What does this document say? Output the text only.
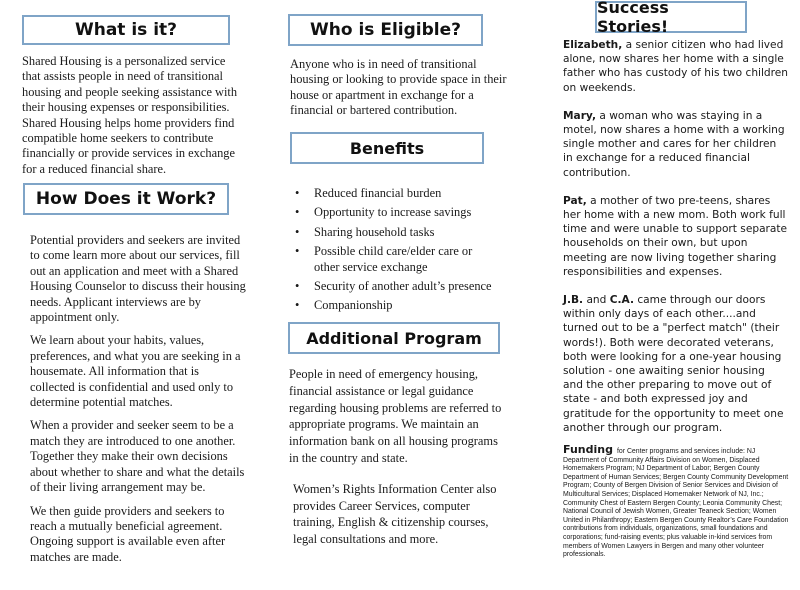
What is it?

Shared Housing is a personalized service that assists people in need of transitional housing and people seeking assistance with their housing expenses or responsibilities. Shared Housing helps home providers find compatible home seekers to contribute financially or provide services in exchange for a reduced financial share.

How Does it Work?

Potential providers and seekers are invited to come learn more about our services, fill out an application and meet with a Shared Housing Counselor to discuss their housing needs. Applicant interviews are by appointment only.

We learn about your habits, values, preferences, and what you are seeking in a housemate. All information that is collected is confidential and used only to determine potential matches.

When a provider and seeker seem to be a match they are introduced to one another. Together they make their own decisions about whether to share and what the details of their living arrangement may be.

We then guide providers and seekers to reach a mutually beneficial agreement. Ongoing support is available even after matches are made.

Who is Eligible?

Anyone who is in need of transitional housing or looking to provide space in their house or apartment in exchange for a financial or bartered contribution.

Benefits
• Reduced financial burden
• Opportunity to increase savings
• Sharing household tasks
• Possible child care/elder care or other service exchange
• Security of another adult’s presence
• Companionship
Additional Program

People in need of emergency housing, financial assistance or legal guidance regarding housing problems are referred to appropriate programs. We maintain an information bank on all housing programs in the country and state.

Women’s Rights Information Center also provides Career Services, computer training, English & citizenship courses, legal consultations and more.

Success Stories!

Elizabeth, a senior citizen who had lived alone, now shares her home with a single father who has custody of his two children on weekends.

Mary, a woman who was staying in a motel, now shares a home with a working single mother and cares for her children in exchange for a reduced financial contribution.

Pat, a mother of two pre-teens, shares her home with a new mom. Both work full time and were unable to support separate households on their own, but upon meeting are now living together sharing responsibilities and expenses.

J.B. and C.A. came through our doors within only days of each other....and turned out to be a "perfect match" (their words!). Both were decorated veterans, both were looking for a one-year housing solution - one awaiting senior housing and the other preparing to move out of state - and both expressed joy and gratitude for the opportunity to meet one another through our program.

Funding for Center programs and services include: NJ Department of Community Affairs Division on Women, Displaced Homemakers Program; NJ Department of Labor; Bergen County Department of Human Services; Bergen County Community Development Program; County of Bergen Division of Senior Services and Division of Multicultural Services; Displaced Homemaker Network of NJ, Inc.; Community Chest of Eastern Bergen County; Leonia Community Chest; National Council of Jewish Women, Greater Teaneck Section; Women United in Philanthropy; Eastern Bergen County Realtor’s Care Foundation contributions from individuals, organizations, small foundations and corporations; fund-raising events; plus valuable in-kind services from members of Women Lawyers in Bergen and many other volunteer professionals.
